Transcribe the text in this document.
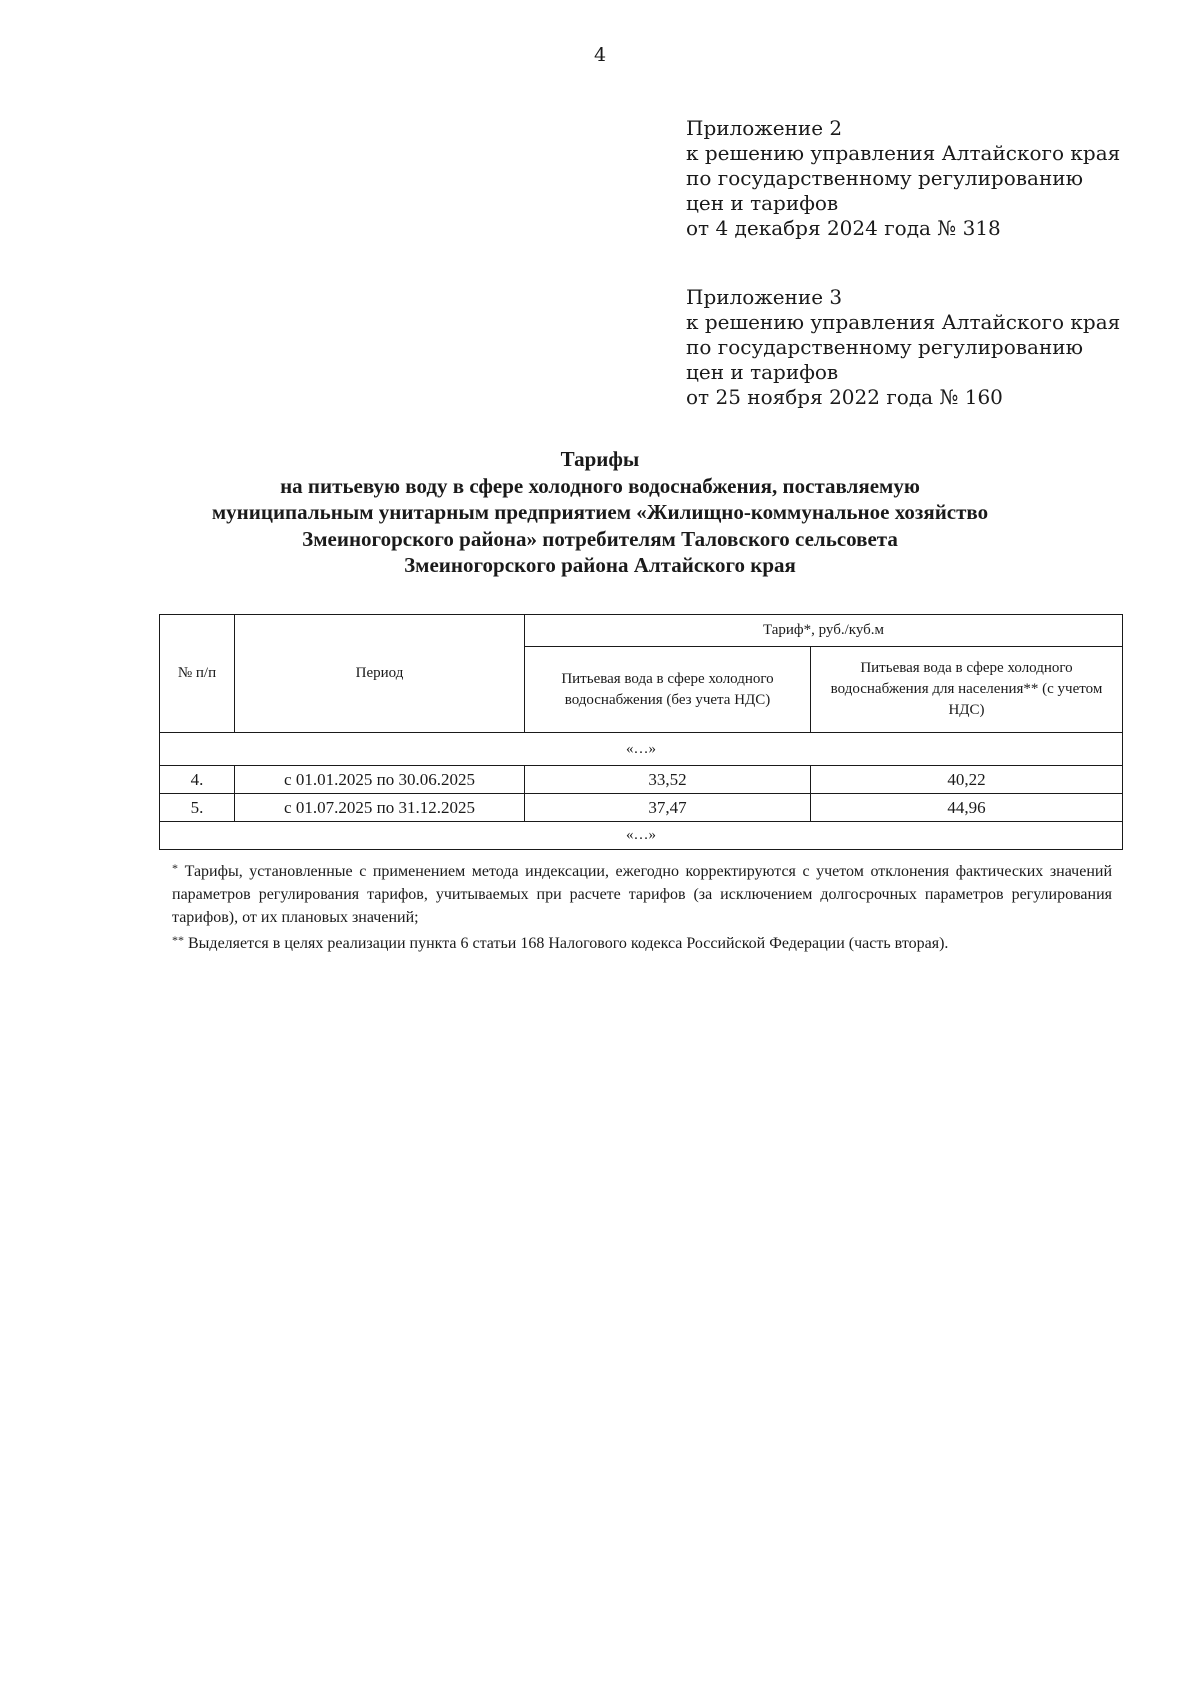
4
Приложение 2
к решению управления Алтайского края
по государственному регулированию
цен и тарифов
от 4 декабря 2024 года № 318
Приложение 3
к решению управления Алтайского края
по государственному регулированию
цен и тарифов
от 25 ноября 2022 года № 160
Тарифы
на питьевую воду в сфере холодного водоснабжения, поставляемую
муниципальным унитарным предприятием «Жилищно-коммунальное хозяйство
Змеиногорского района» потребителям Таловского сельсовета
Змеиногорского района Алтайского края
№ п/п	Период	Тариф*, руб./куб.м	
		Питьевая вода в сфере холодного водоснабжения (без учета НДС)	Питьевая вода в сфере холодного водоснабжения для населения** (с учетом НДС)
«…»			
4.	с 01.01.2025 по 30.06.2025	33,52	40,22
5.	с 01.07.2025 по 31.12.2025	37,47	44,96
«…»			

* Тарифы, установленные с применением метода индексации, ежегодно корректируются с учетом отклонения фактических значений параметров регулирования тарифов, учитываемых при расчете тарифов (за исключением долгосрочных параметров регулирования тарифов), от их плановых значений;

** Выделяется в целях реализации пункта 6 статьи 168 Налогового кодекса Российской Федерации (часть вторая).
